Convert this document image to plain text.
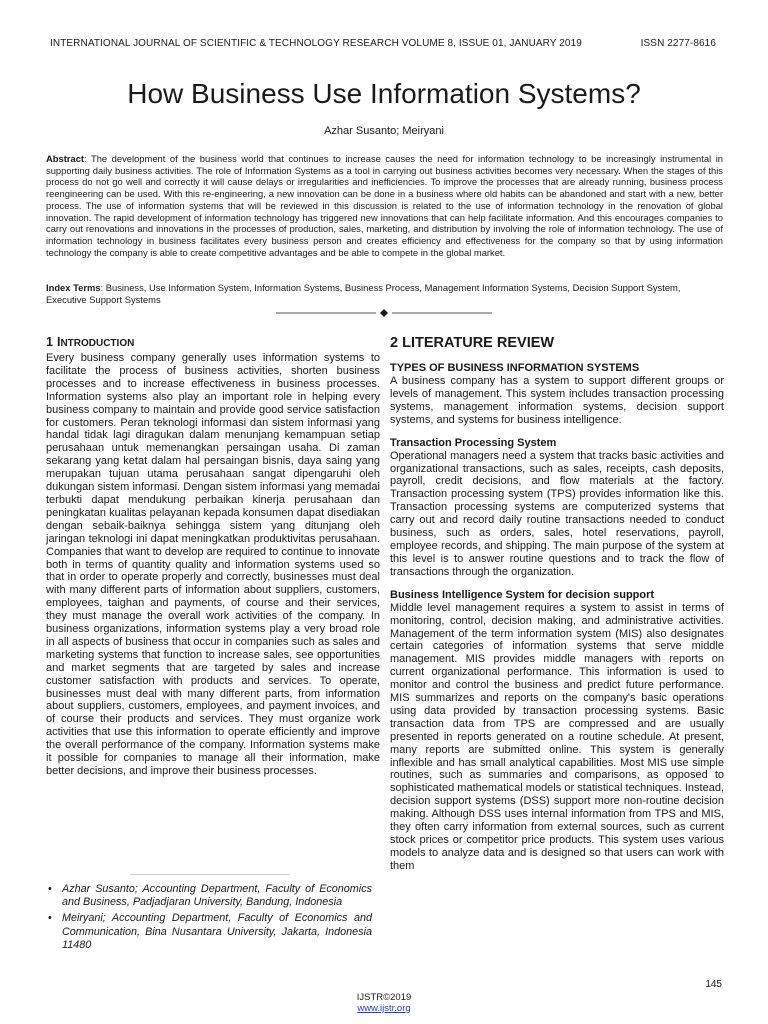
INTERNATIONAL JOURNAL OF SCIENTIFIC & TECHNOLOGY RESEARCH VOLUME 8, ISSUE 01, JANUARY 2019	ISSN 2277-8616
How Business Use Information Systems?
Azhar Susanto; Meiryani

Abstract: The development of the business world that continues to increase causes the need for information technology to be increasingly instrumental in supporting daily business activities. The role of Information Systems as a tool in carrying out business activities becomes very necessary. When the stages of this process do not go well and correctly it will cause delays or irregularities and inefficiencies. To improve the processes that are already running, business process reengineering can be used. With this re-engineering, a new innovation can be done in a business where old habits can be abandoned and start with a new, better process. The use of information systems that will be reviewed in this discussion is related to the use of information technology in the renovation of global innovation. The rapid development of information technology has triggered new innovations that can help facilitate information. And this encourages companies to carry out renovations and innovations in the processes of production, sales, marketing, and distribution by involving the role of information technology. The use of information technology in business facilitates every business person and creates efficiency and effectiveness for the company so that by using information technology the company is able to create competitive advantages and be able to compete in the global market.

Index Terms: Business, Use Information System, Information Systems, Business Process, Management Information Systems, Decision Support System, Executive Support Systems

1 INTRODUCTION

Every business company generally uses information systems to facilitate the process of business activities, shorten business processes and to increase effectiveness in business processes. Information systems also play an important role in helping every business company to maintain and provide good service satisfaction for customers. Peran teknologi informasi dan sistem informasi yang handal tidak lagi diragukan dalam menunjang kemampuan setiap perusahaan untuk memenangkan persaingan usaha. Di zaman sekarang yang ketat dalam hal persaingan bisnis, daya saing yang merupakan tujuan utama perusahaan sangat dipengaruhi oleh dukungan sistem informasi. Dengan sistem informasi yang memadai terbukti dapat mendukung perbaikan kinerja perusahaan dan peningkatan kualitas pelayanan kepada konsumen dapat disediakan dengan sebaik-baiknya sehingga sistem yang ditunjang oleh jaringan teknologi ini dapat meningkatkan produktivitas perusahaan. Companies that want to develop are required to continue to innovate both in terms of quantity quality and information systems used so that in order to operate properly and correctly, businesses must deal with many different parts of information about suppliers, customers, employees, taighan and payments, of course and their services, they must manage the overall work activities of the company. In business organizations, information systems play a very broad role in all aspects of business that occur in companies such as sales and marketing systems that function to increase sales, see opportunities and market segments that are targeted by sales and increase customer satisfaction with products and services. To operate, businesses must deal with many different parts, from information about suppliers, customers, employees, and payment invoices, and of course their products and services. They must organize work activities that use this information to operate efficiently and improve the overall performance of the company. Information systems make it possible for companies to manage all their information, make better decisions, and improve their business processes.

• Azhar Susanto; Accounting Department, Faculty of Economics and Business, Padjadjaran University, Bandung, Indonesia
• Meiryani; Accounting Department, Faculty of Economics and Communication, Bina Nusantara University, Jakarta, Indonesia 11480
2 LITERATURE REVIEW
TYPES OF BUSINESS INFORMATION SYSTEMS

A business company has a system to support different groups or levels of management. This system includes transaction processing systems, management information systems, decision support systems, and systems for business intelligence.

Transaction Processing System

Operational managers need a system that tracks basic activities and organizational transactions, such as sales, receipts, cash deposits, payroll, credit decisions, and flow materials at the factory. Transaction processing system (TPS) provides information like this. Transaction processing systems are computerized systems that carry out and record daily routine transactions needed to conduct business, such as orders, sales, hotel reservations, payroll, employee records, and shipping. The main purpose of the system at this level is to answer routine questions and to track the flow of transactions through the organization.

Business Intelligence System for decision support

Middle level management requires a system to assist in terms of monitoring, control, decision making, and administrative activities. Management of the term information system (MIS) also designates certain categories of information systems that serve middle management. MIS provides middle managers with reports on current organizational performance. This information is used to monitor and control the business and predict future performance. MIS summarizes and reports on the company's basic operations using data provided by transaction processing systems. Basic transaction data from TPS are compressed and are usually presented in reports generated on a routine schedule. At present, many reports are submitted online. This system is generally inflexible and has small analytical capabilities. Most MIS use simple routines, such as summaries and comparisons, as opposed to sophisticated mathematical models or statistical techniques. Instead, decision support systems (DSS) support more non-routine decision making. Although DSS uses internal information from TPS and MIS, they often carry information from external sources, such as current stock prices or competitor price products. This system uses various models to analyze data and is designed so that users can work with them

145
IJSTR©2019
www.ijstr.org
